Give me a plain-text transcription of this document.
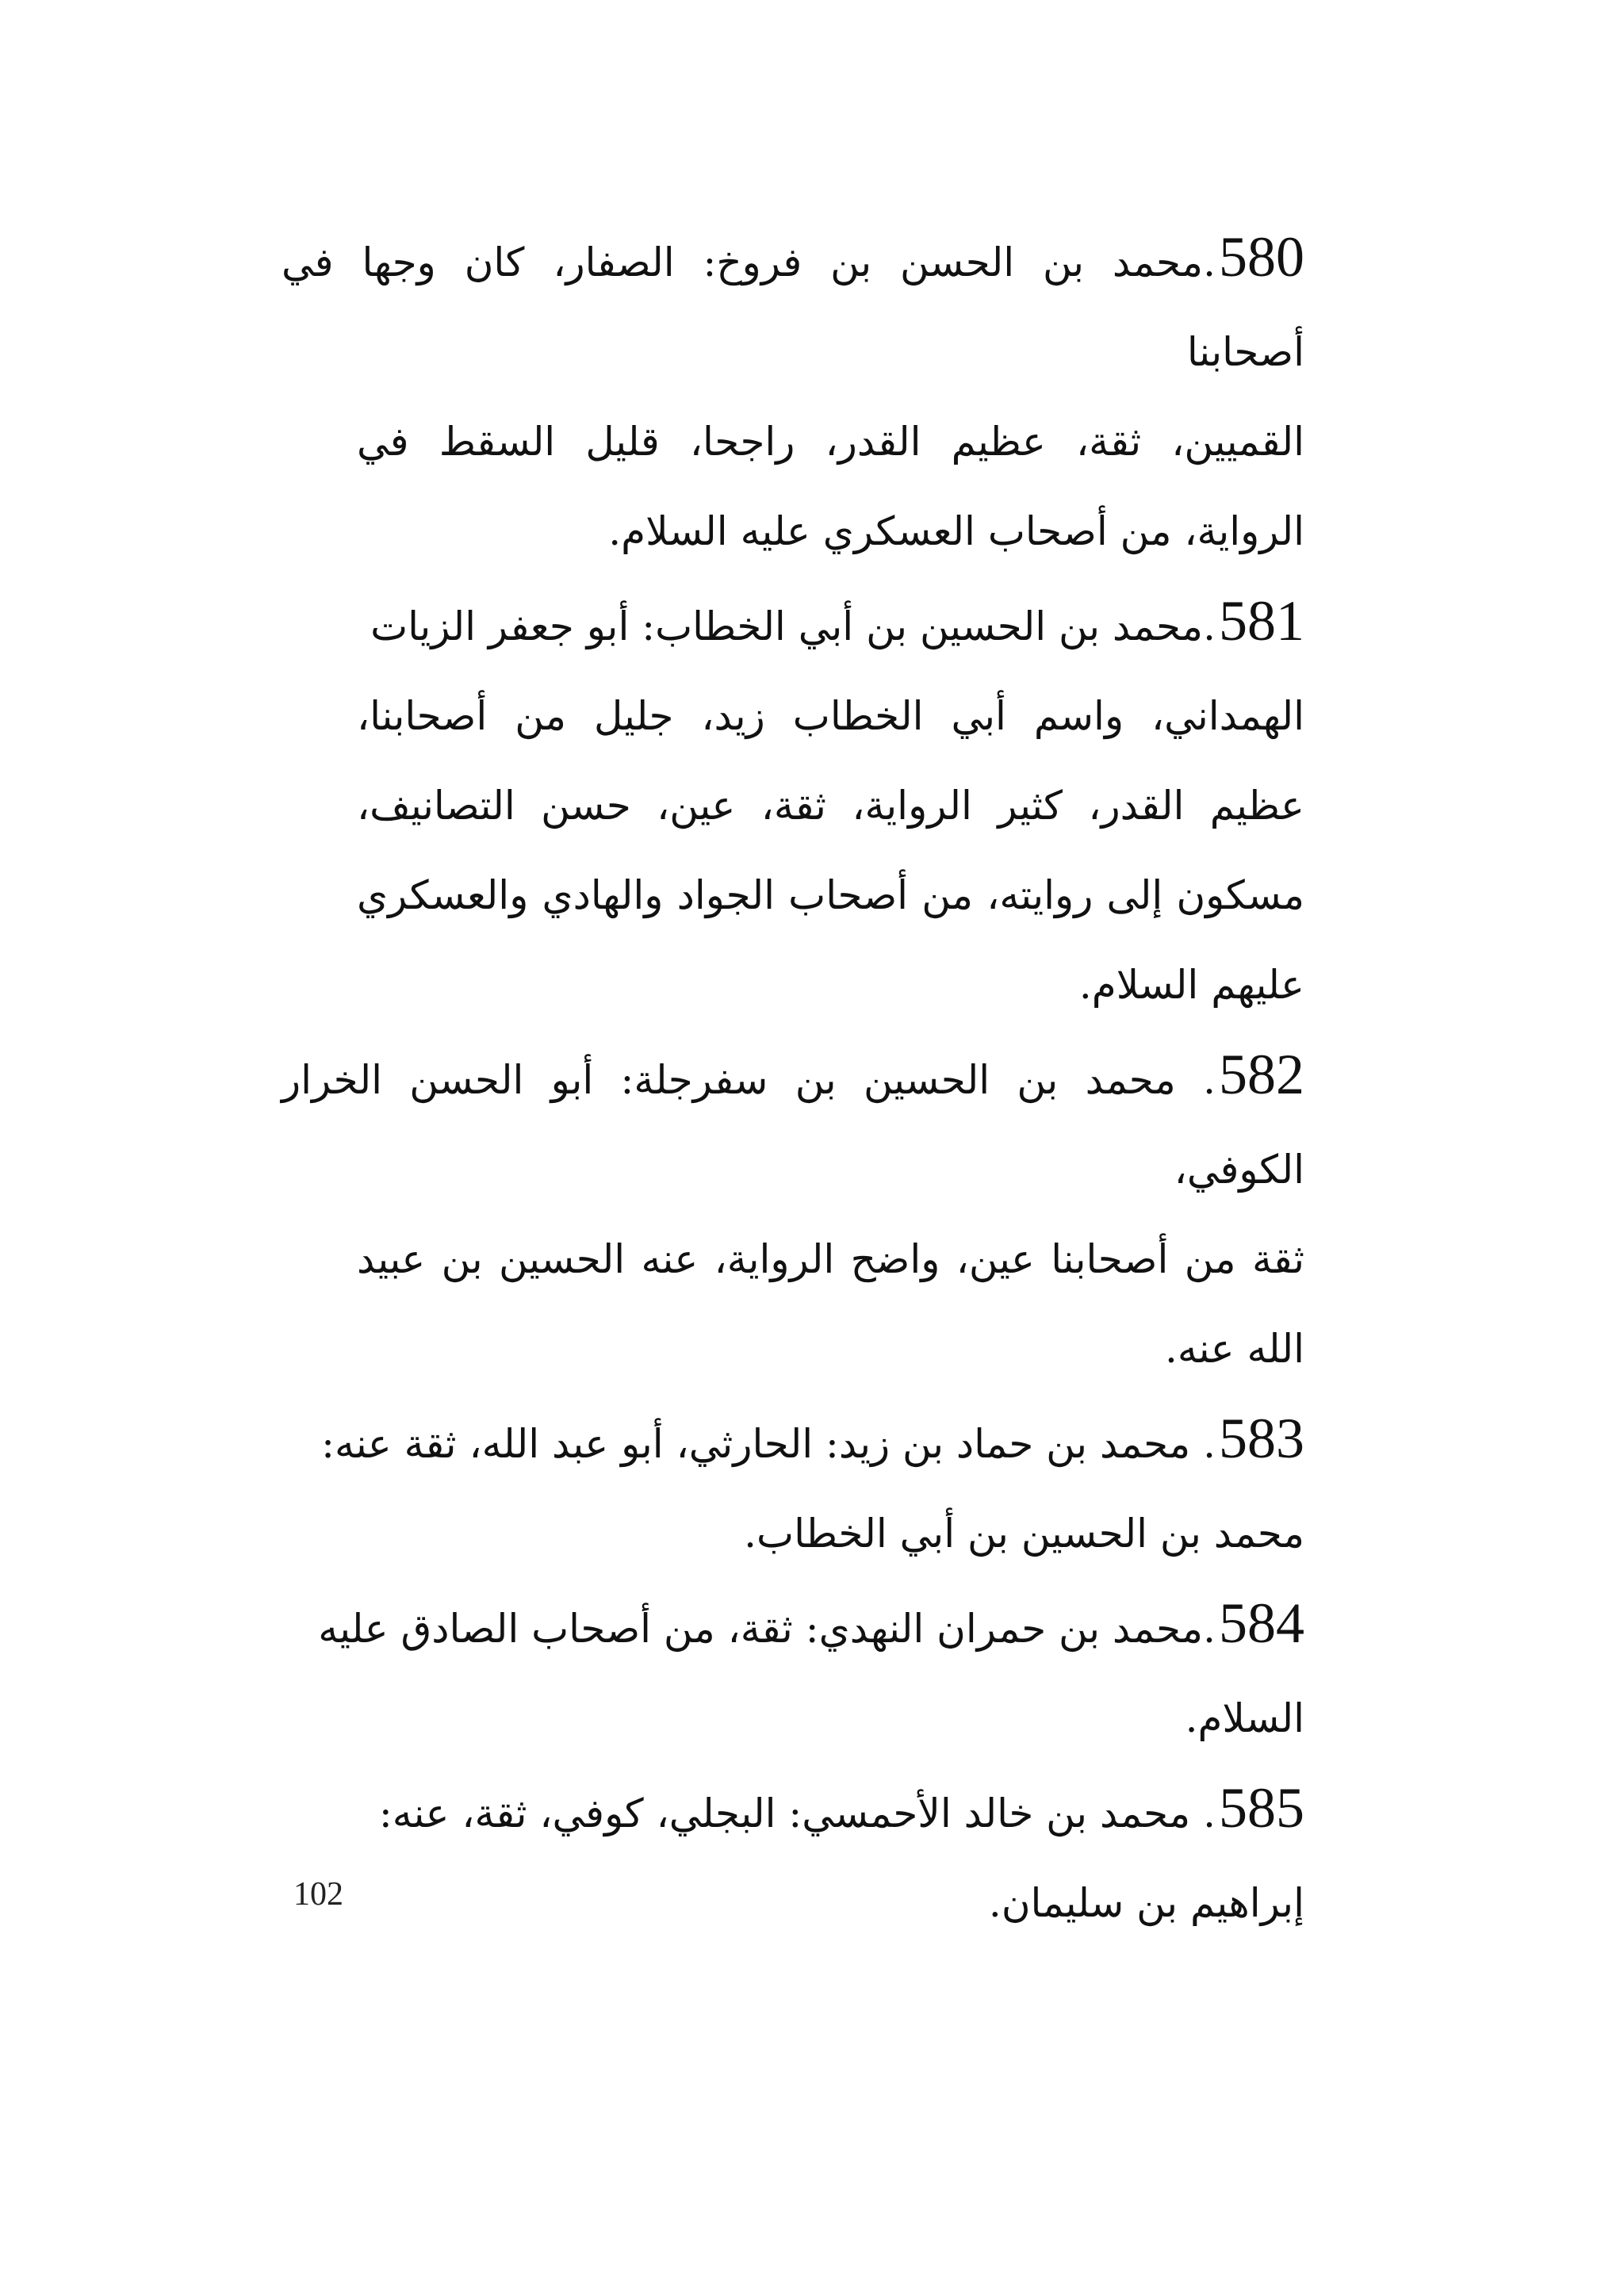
580.محمد بن الحسن بن فروخ: الصفار، كان وجها في أصحابنا
القميين، ثقة، عظيم القدر، راجحا، قليل السقط في الرواية، من أصحاب العسكري عليه السلام.

581.محمد بن الحسين بن أبي الخطاب: أبو جعفر الزيات
الهمداني، واسم أبي الخطاب زيد، جليل من أصحابنا، عظيم القدر، كثير الرواية، ثقة، عين، حسن التصانيف، مسكون إلى روايته، من أصحاب الجواد والهادي والعسكري عليهم السلام.

582. محمد بن الحسين بن سفرجلة: أبو الحسن الخرار الكوفي،
ثقة من أصحابنا عين، واضح الرواية، عنه الحسين بن عبيد الله عنه.

583. محمد بن حماد بن زيد: الحارثي، أبو عبد الله، ثقة عنه:
محمد بن الحسين بن أبي الخطاب.

584.محمد بن حمران النهدي: ثقة، من أصحاب الصادق عليه
السلام.

585. محمد بن خالد الأحمسي: البجلي، كوفي، ثقة، عنه:
إبراهيم بن سليمان.

102
